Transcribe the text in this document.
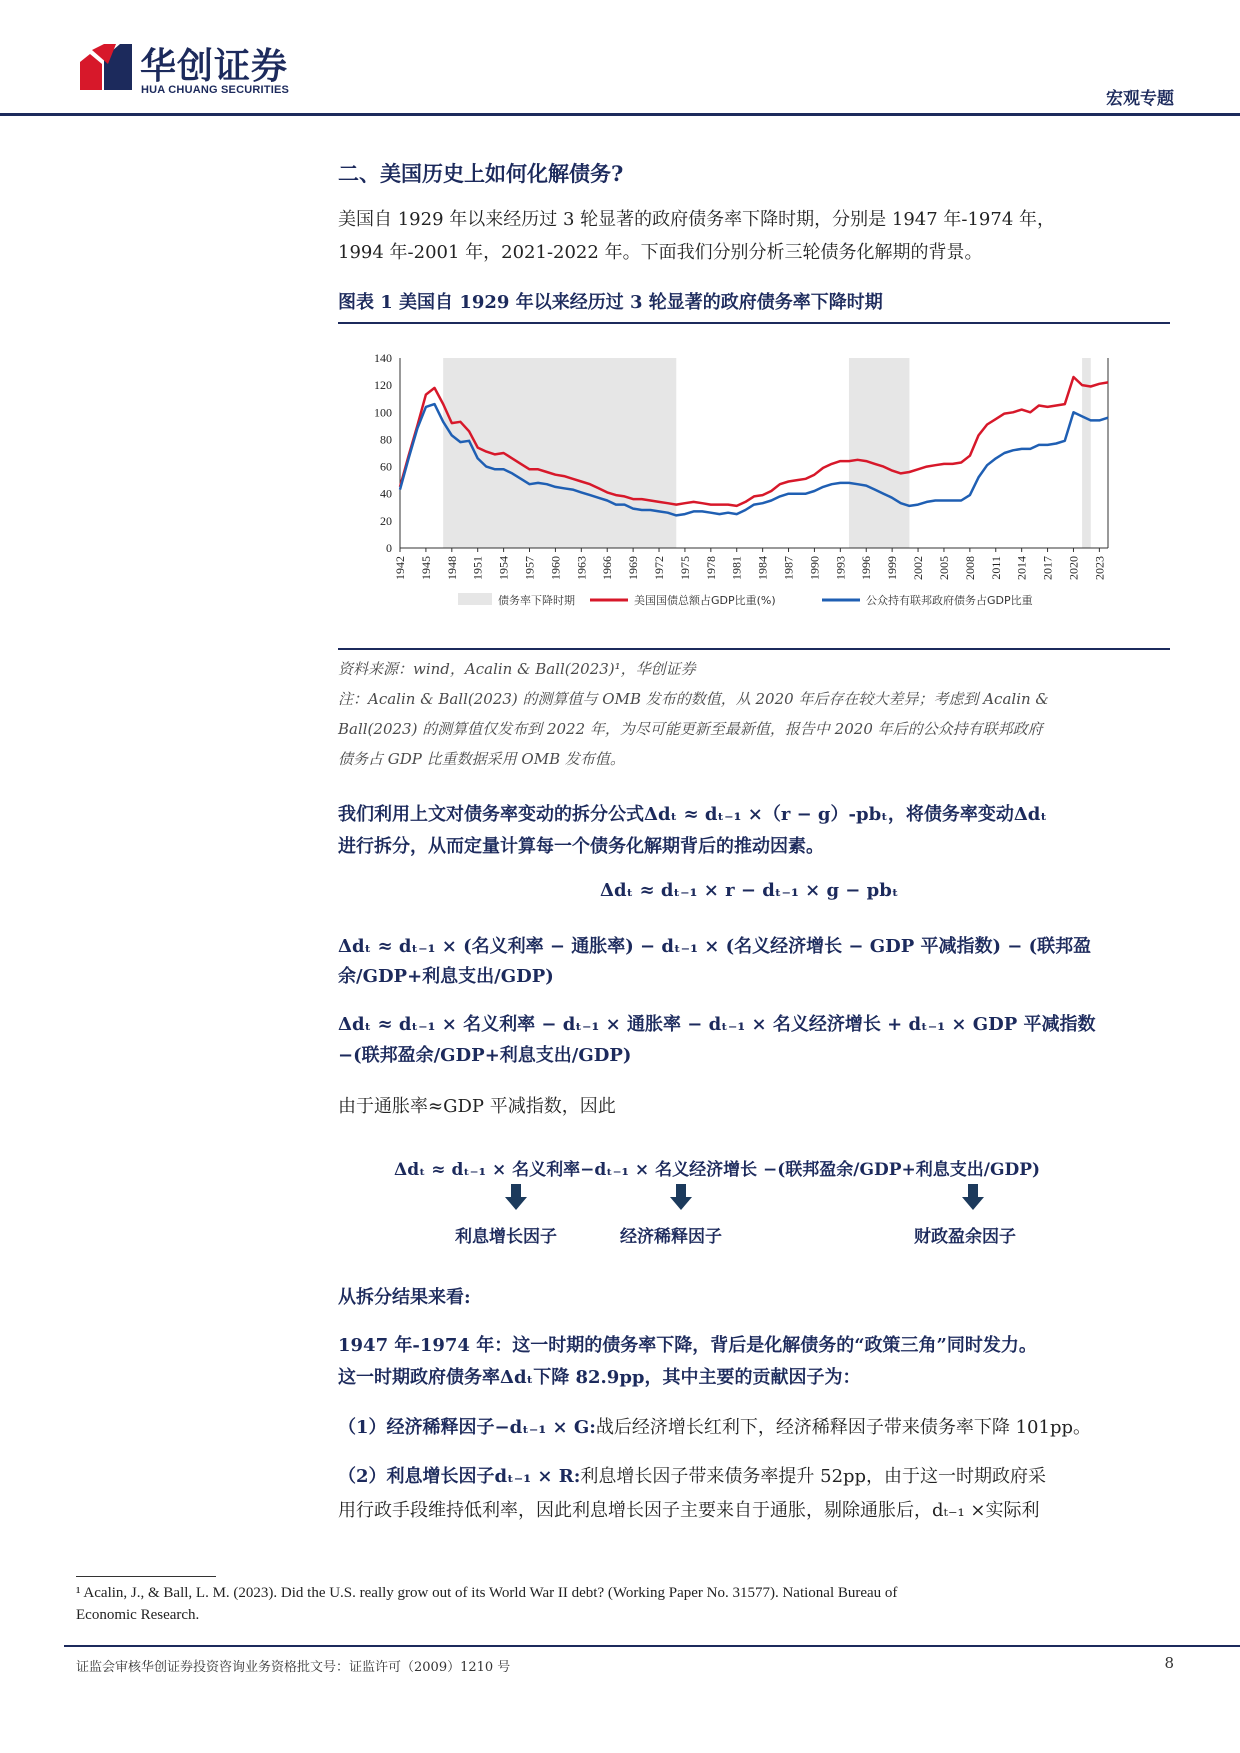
华创证券
HUA CHUANG SECURITIES	宏观专题
二、美国历史上如何化解债务?
美国自 1929 年以来经历过 3 轮显著的政府债务率下降时期，分别是 1947 年-1974 年，
1994 年-2001 年，2021-2022 年。下面我们分别分析三轮债务化解期的背景。
图表 1 美国自 1929 年以来经历过 3 轮显著的政府债务率下降时期
0
20
40
60
80
100
120
140
1942 1945 1948 1951 1954 1957 1960 1963 1966 1969 1972 1975 1978 1981 1984 1987 1990 1993 1996 1999 2002 2005 2008 2011 2014 2017 2020 2023
债务率下降时期	美国国债总额占GDP比重(%)	公众持有联邦政府债务占GDP比重
资料来源：wind，Acalin & Ball(2023)¹，华创证券
注：Acalin & Ball(2023) 的测算值与 OMB 发布的数值，从 2020 年后存在较大差异；考虑到 Acalin &
Ball(2023) 的测算值仅发布到 2022 年，为尽可能更新至最新值，报告中 2020 年后的公众持有联邦政府
债务占 GDP 比重数据采用 OMB 发布值。
我们利用上文对债务率变动的拆分公式Δdₜ ≈ dₜ₋₁ ×（r − g）-pbₜ，将债务率变动Δdₜ
进行拆分，从而定量计算每一个债务化解期背后的推动因素。
Δdₜ ≈ dₜ₋₁ × r − dₜ₋₁ × g − pbₜ
Δdₜ ≈ dₜ₋₁ × (名义利率 − 通胀率) − dₜ₋₁ × (名义经济增长 − GDP 平减指数) − (联邦盈
余/GDP+利息支出/GDP)
Δdₜ ≈ dₜ₋₁ × 名义利率 − dₜ₋₁ × 通胀率 − dₜ₋₁ × 名义经济增长 + dₜ₋₁ × GDP 平减指数
−(联邦盈余/GDP+利息支出/GDP)
由于通胀率≈GDP 平减指数，因此
Δdₜ ≈ dₜ₋₁ × 名义利率−dₜ₋₁ × 名义经济增长 −(联邦盈余/GDP+利息支出/GDP)
利息增长因子	经济稀释因子	财政盈余因子
从拆分结果来看:
1947 年-1974 年：这一时期的债务率下降，背后是化解债务的“政策三角”同时发力。
这一时期政府债务率Δdₜ下降 82.9pp，其中主要的贡献因子为：
（1）经济稀释因子−dₜ₋₁ × G:战后经济增长红利下，经济稀释因子带来债务率下降 101pp。
（2）利息增长因子dₜ₋₁ × R:利息增长因子带来债务率提升 52pp，由于这一时期政府采
用行政手段维持低利率，因此利息增长因子主要来自于通胀，剔除通胀后，dₜ₋₁ ×实际利
¹ Acalin, J., & Ball, L. M. (2023). Did the U.S. really grow out of its World War II debt? (Working Paper No. 31577). National Bureau of
Economic Research.
证监会审核华创证券投资咨询业务资格批文号：证监许可（2009）1210 号	8
